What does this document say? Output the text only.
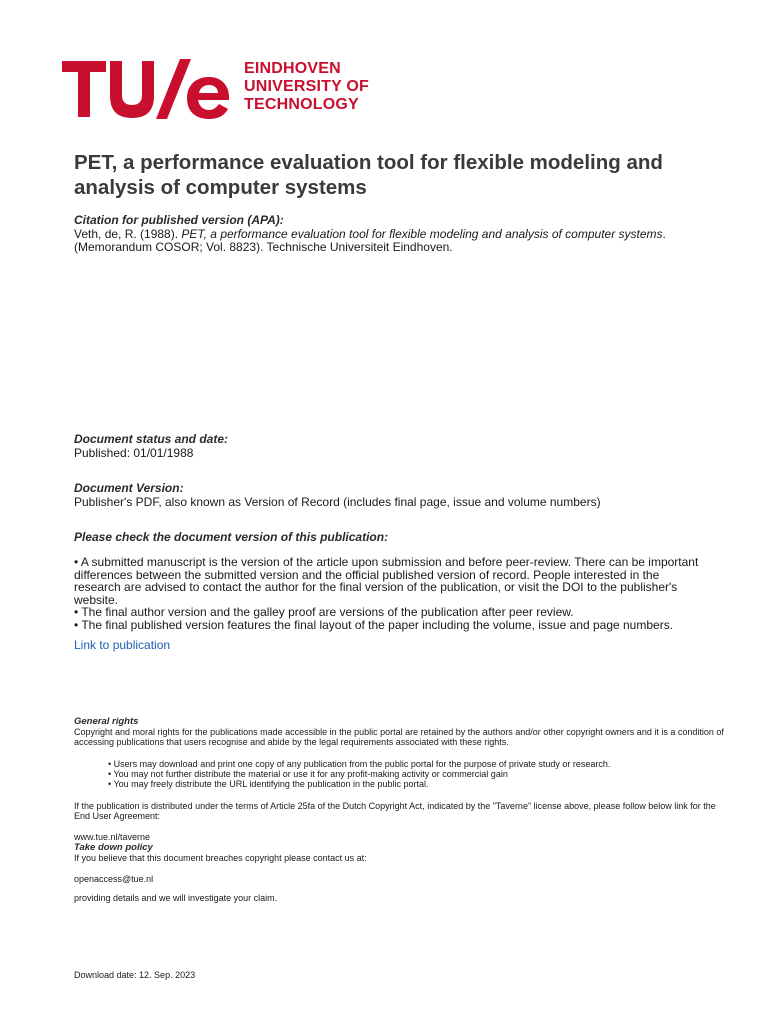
EINDHOVEN
UNIVERSITY OF
TECHNOLOGY
PET, a performance evaluation tool for flexible modeling and analysis of computer systems
Citation for published version (APA):
Veth, de, R. (1988). PET, a performance evaluation tool for flexible modeling and analysis of computer systems.
(Memorandum COSOR; Vol. 8823). Technische Universiteit Eindhoven.
Document status and date:
Published: 01/01/1988
Document Version:
Publisher's PDF, also known as Version of Record (includes final page, issue and volume numbers)
Please check the document version of this publication:
• A submitted manuscript is the version of the article upon submission and before peer-review. There can be important differences between the submitted version and the official published version of record. People interested in the research are advised to contact the author for the final version of the publication, or visit the DOI to the publisher's website.
• The final author version and the galley proof are versions of the publication after peer review.
• The final published version features the final layout of the paper including the volume, issue and page numbers.
Link to publication
General rights
Copyright and moral rights for the publications made accessible in the public portal are retained by the authors and/or other copyright owners and it is a condition of accessing publications that users recognise and abide by the legal requirements associated with these rights.
• Users may download and print one copy of any publication from the public portal for the purpose of private study or research.
• You may not further distribute the material or use it for any profit-making activity or commercial gain
• You may freely distribute the URL identifying the publication in the public portal.
If the publication is distributed under the terms of Article 25fa of the Dutch Copyright Act, indicated by the "Taverne" license above, please follow below link for the End User Agreement:
www.tue.nl/taverne
Take down policy
If you believe that this document breaches copyright please contact us at:
openaccess@tue.nl
providing details and we will investigate your claim.
Download date: 12. Sep. 2023
